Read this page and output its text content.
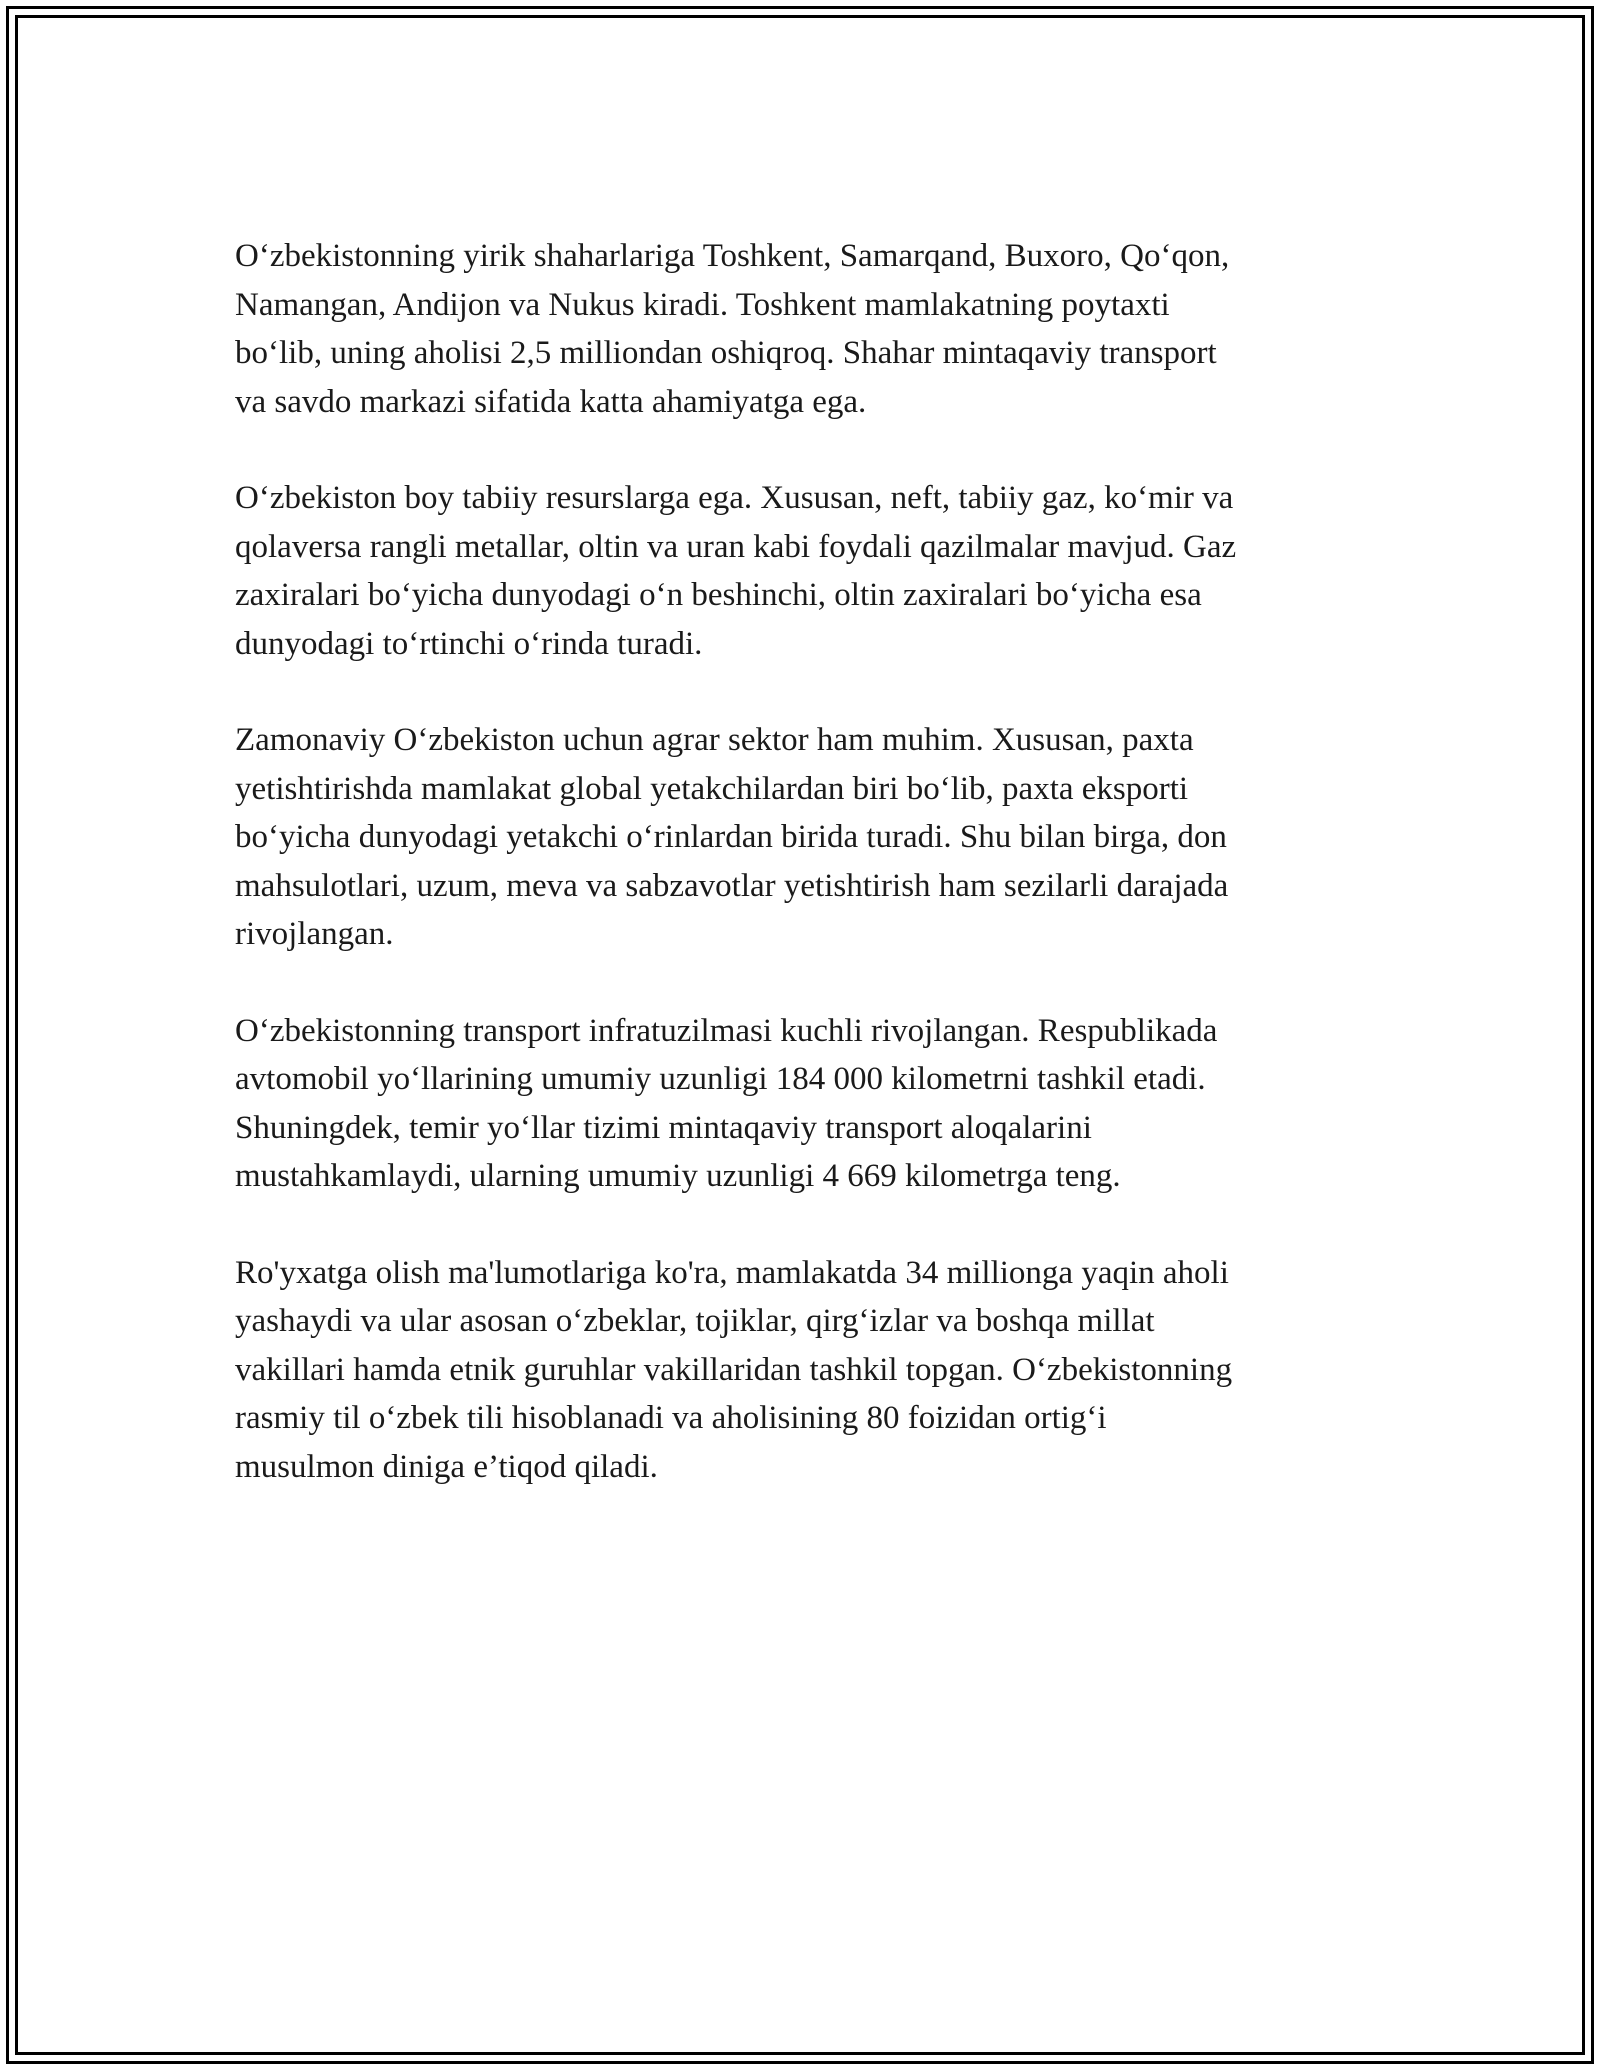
O‘zbekistonning yirik shaharlariga Toshkent, Samarqand, Buxoro, Qo‘qon,
Namangan, Andijon va Nukus kiradi. Toshkent mamlakatning poytaxti
bo‘lib, uning aholisi 2,5 milliondan oshiqroq. Shahar mintaqaviy transport
va savdo markazi sifatida katta ahamiyatga ega.

O‘zbekiston boy tabiiy resurslarga ega. Xususan, neft, tabiiy gaz, ko‘mir va
qolaversa rangli metallar, oltin va uran kabi foydali qazilmalar mavjud. Gaz
zaxiralari bo‘yicha dunyodagi o‘n beshinchi, oltin zaxiralari bo‘yicha esa
dunyodagi to‘rtinchi o‘rinda turadi.

Zamonaviy O‘zbekiston uchun agrar sektor ham muhim. Xususan, paxta
yetishtirishda mamlakat global yetakchilardan biri bo‘lib, paxta eksporti
bo‘yicha dunyodagi yetakchi o‘rinlardan birida turadi. Shu bilan birga, don
mahsulotlari, uzum, meva va sabzavotlar yetishtirish ham sezilarli darajada
rivojlangan.

O‘zbekistonning transport infratuzilmasi kuchli rivojlangan. Respublikada
avtomobil yo‘llarining umumiy uzunligi 184 000 kilometrni tashkil etadi.
Shuningdek, temir yo‘llar tizimi mintaqaviy transport aloqalarini
mustahkamlaydi, ularning umumiy uzunligi 4 669 kilometrga teng.

Ro'yxatga olish ma'lumotlariga ko'ra, mamlakatda 34 millionga yaqin aholi
yashaydi va ular asosan o‘zbeklar, tojiklar, qirg‘izlar va boshqa millat
vakillari hamda etnik guruhlar vakillaridan tashkil topgan. O‘zbekistonning
rasmiy til o‘zbek tili hisoblanadi va aholisining 80 foizidan ortig‘i
musulmon diniga e’tiqod qiladi.
